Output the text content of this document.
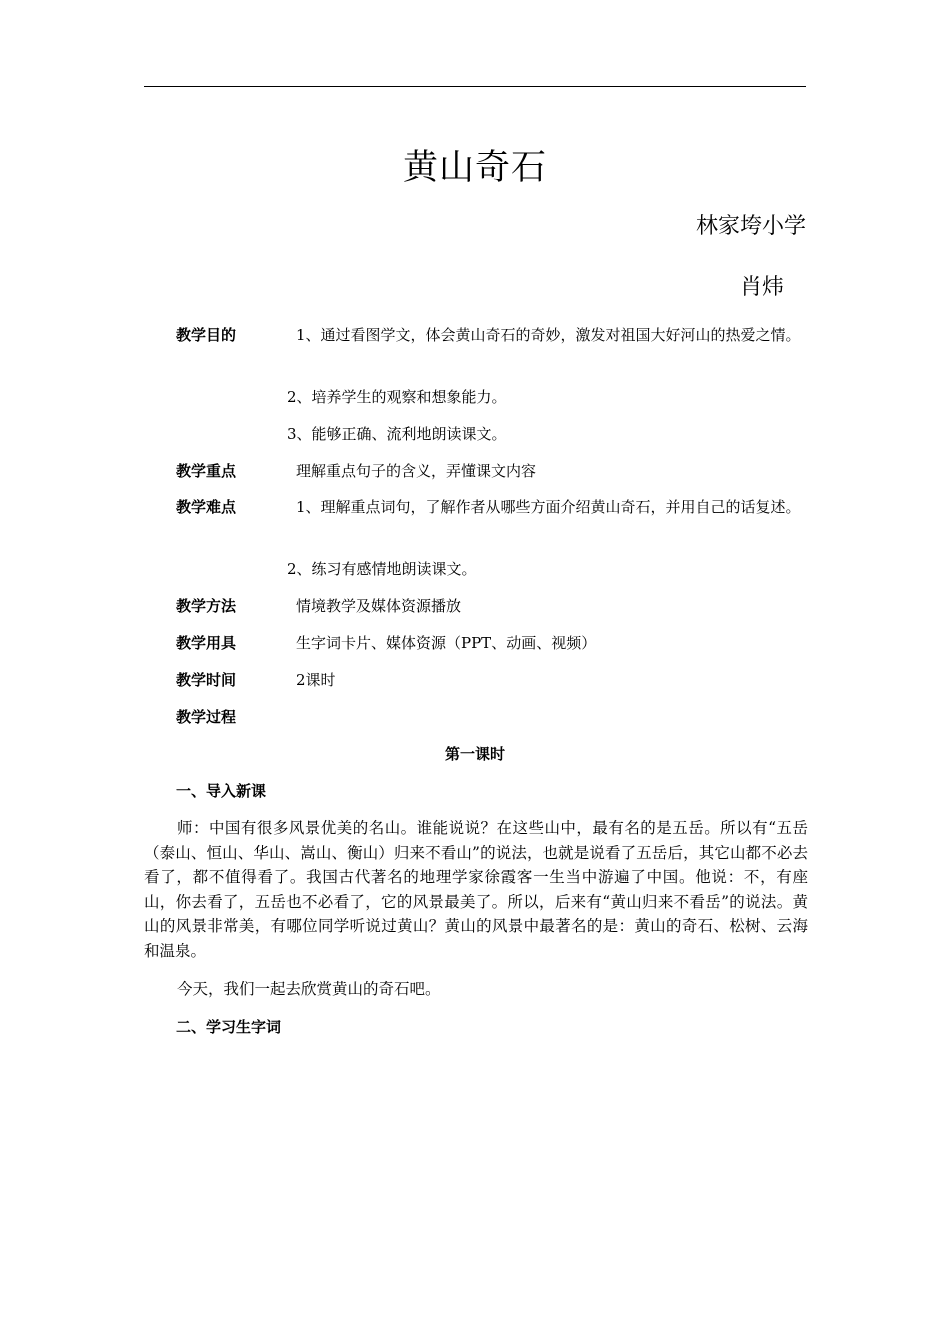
黄山奇石
林家垮小学
肖炜
教学目的	1、通过看图学文，体会黄山奇石的奇妙，激发对祖国大好河山的热爱之情。
2、培养学生的观察和想象能力。
3、能够正确、流利地朗读课文。
教学重点	理解重点句子的含义，弄懂课文内容
教学难点	1、理解重点词句，了解作者从哪些方面介绍黄山奇石，并用自己的话复述。
2、练习有感情地朗读课文。
教学方法	情境教学及媒体资源播放
教学用具	生字词卡片、媒体资源（PPT、动画、视频）
教学时间	2课时
教学过程
第一课时
一、导入新课
师：中国有很多风景优美的名山。谁能说说？在这些山中，最有名的是五岳。所以有“五岳（泰山、恒山、华山、嵩山、衡山）归来不看山”的说法，也就是说看了五岳后，其它山都不必去看了，都不值得看了。我国古代著名的地理学家徐霞客一生当中游遍了中国。他说：不，有座山，你去看了，五岳也不必看了，它的风景最美了。所以，后来有“黄山归来不看岳”的说法。黄山的风景非常美，有哪位同学听说过黄山？黄山的风景中最著名的是：黄山的奇石、松树、云海和温泉。
今天，我们一起去欣赏黄山的奇石吧。
二、学习生字词
